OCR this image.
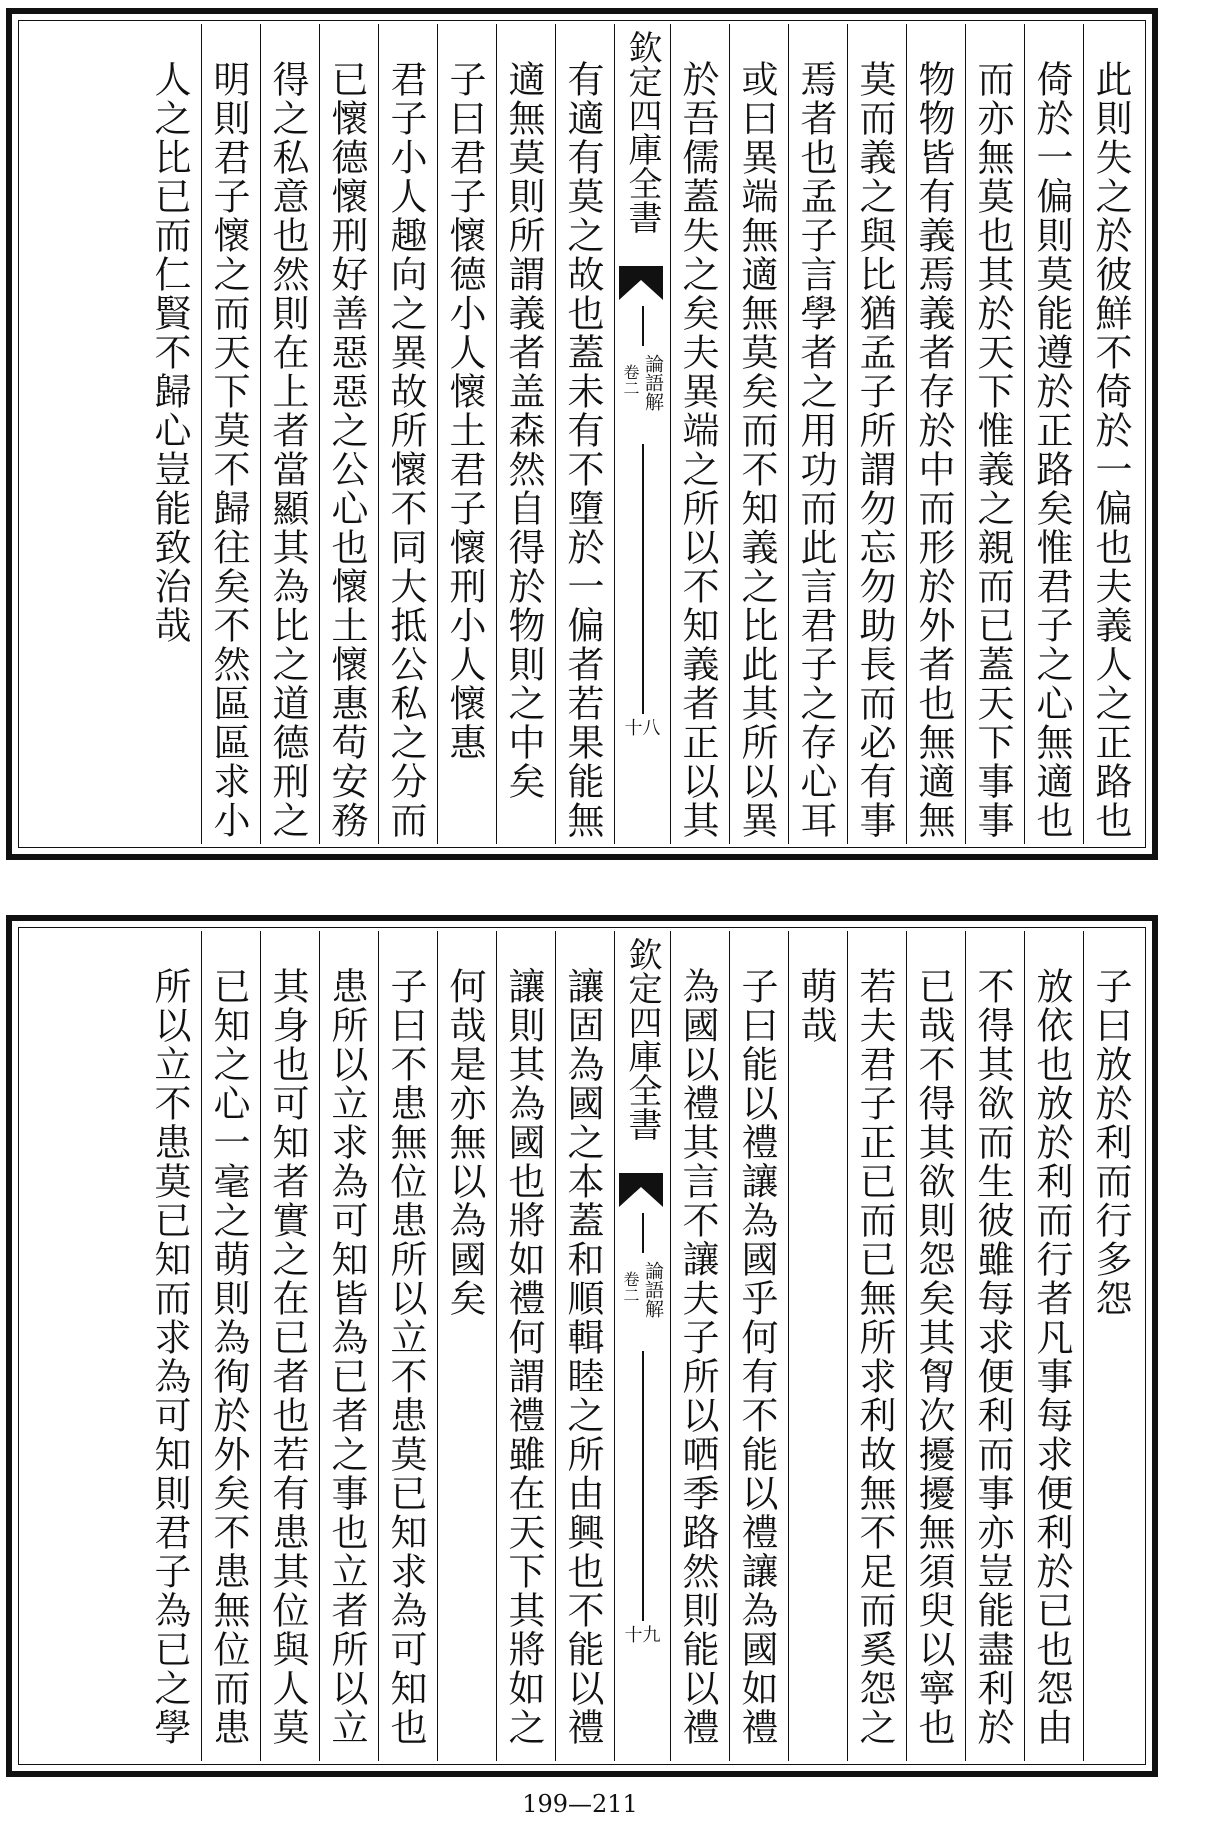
此則失之於彼鮮不倚於一偏也夫義人之正路也
倚於一偏則莫能遵於正路矣惟君子之心無適也
而亦無莫也其於天下惟義之親而已蓋天下事事
物物皆有義焉義者存於中而形於外者也無適無
莫而義之與比猶孟子所謂勿忘勿助長而必有事
焉者也孟子言學者之用功而此言君子之存心耳
或曰異端無適無莫矣而不知義之比此其所以異
於吾儒蓋失之矣夫異端之所以不知義者正以其
欽定四庫全書
論語解
卷二
十八
有適有莫之故也蓋未有不墮於一偏者若果能無
適無莫則所謂義者盖森然自得於物則之中矣
子曰君子懷德小人懷土君子懷刑小人懷惠
君子小人趣向之異故所懷不同大抵公私之分而
已懷德懷刑好善惡惡之公心也懷土懷惠苟安務
得之私意也然則在上者當顯其為比之道德刑之
明則君子懷之而天下莫不歸往矣不然區區求小
人之比已而仁賢不歸心豈能致治哉
子曰放於利而行多怨
放依也放於利而行者凡事每求便利於已也怨由
不得其欲而生彼雖每求便利而事亦豈能盡利於
已哉不得其欲則怨矣其胷次擾擾無須臾以寧也
若夫君子正已而已無所求利故無不足而奚怨之
萌哉
子曰能以禮讓為國乎何有不能以禮讓為國如禮
為國以禮其言不讓夫子所以哂季路然則能以禮
欽定四庫全書
論語解
卷二
十九
讓固為國之本蓋和順輯睦之所由興也不能以禮
讓則其為國也將如禮何謂禮雖在天下其將如之
何哉是亦無以為國矣
子曰不患無位患所以立不患莫已知求為可知也
患所以立求為可知皆為已者之事也立者所以立
其身也可知者實之在已者也若有患其位與人莫
已知之心一毫之萌則為徇於外矣不患無位而患
所以立不患莫已知而求為可知則君子為已之學
199—211
